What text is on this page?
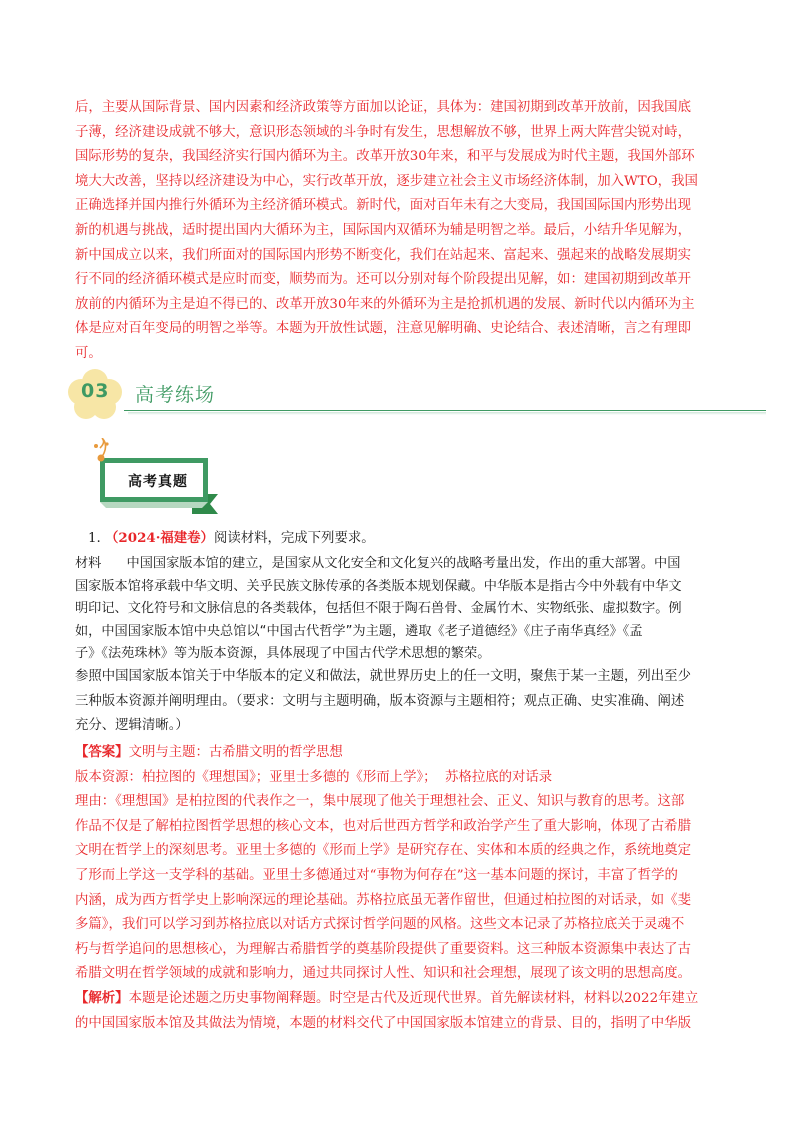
后，主要从国际背景、国内因素和经济政策等方面加以论证，具体为：建国初期到改革开放前，因我国底
子薄，经济建设成就不够大，意识形态领域的斗争时有发生，思想解放不够，世界上两大阵营尖锐对峙，
国际形势的复杂，我国经济实行国内循环为主。改革开放30年来，和平与发展成为时代主题，我国外部环
境大大改善，坚持以经济建设为中心，实行改革开放，逐步建立社会主义市场经济体制，加入WTO，我国
正确选择并国内推行外循环为主经济循环模式。新时代，面对百年未有之大变局，我国国际国内形势出现
新的机遇与挑战，适时提出国内大循环为主，国际国内双循环为辅是明智之举。最后，小结升华见解为，
新中国成立以来，我们所面对的国际国内形势不断变化，我们在站起来、富起来、强起来的战略发展期实
行不同的经济循环模式是应时而变，顺势而为。还可以分别对每个阶段提出见解，如：建国初期到改革开
放前的内循环为主是迫不得已的、改革开放30年来的外循环为主是抢抓机遇的发展、新时代以内循环为主
体是应对百年变局的明智之举等。本题为开放性试题，注意见解明确、史论结合、表述清晰，言之有理即
可。
03 高考练场
高考真题
1. （2024·福建卷）阅读材料，完成下列要求。
材料      中国国家版本馆的建立，是国家从文化安全和文化复兴的战略考量出发，作出的重大部署。中国
国家版本馆将承载中华文明、关乎民族文脉传承的各类版本规划保藏。中华版本是指古今中外载有中华文
明印记、文化符号和文脉信息的各类载体，包括但不限于陶石兽骨、金属竹木、实物纸张、虚拟数字。例
如，中国国家版本馆中央总馆以“中国古代哲学”为主题，遴取《老子道德经》《庄子南华真经》《孟
子》《法苑珠林》等为版本资源，具体展现了中国古代学术思想的繁荣。
参照中国国家版本馆关于中华版本的定义和做法，就世界历史上的任一文明，聚焦于某一主题，列出至少
三种版本资源并阐明理由。（要求：文明与主题明确，版本资源与主题相符；观点正确、史实准确、阐述
充分、逻辑清晰。）
【答案】文明与主题：古希腊文明的哲学思想
版本资源：柏拉图的《理想国》；亚里士多德的《形而上学》；  苏格拉底的对话录
理由：《理想国》是柏拉图的代表作之一，集中展现了他关于理想社会、正义、知识与教育的思考。这部
作品不仅是了解柏拉图哲学思想的核心文本，也对后世西方哲学和政治学产生了重大影响，体现了古希腊
文明在哲学上的深刻思考。亚里士多德的《形而上学》是研究存在、实体和本质的经典之作，系统地奠定
了形而上学这一支学科的基础。亚里士多德通过对“事物为何存在”这一基本问题的探讨，丰富了哲学的
内涵，成为西方哲学史上影响深远的理论基础。苏格拉底虽无著作留世，但通过柏拉图的对话录，如《斐
多篇》，我们可以学习到苏格拉底以对话方式探讨哲学问题的风格。这些文本记录了苏格拉底关于灵魂不
朽与哲学追问的思想核心，为理解古希腊哲学的奠基阶段提供了重要资料。这三种版本资源集中表达了古
希腊文明在哲学领域的成就和影响力，通过共同探讨人性、知识和社会理想，展现了该文明的思想高度。
【解析】本题是论述题之历史事物阐释题。时空是古代及近现代世界。首先解读材料，材料以2022年建立
的中国国家版本馆及其做法为情境，本题的材料交代了中国国家版本馆建立的背景、目的，指明了中华版
